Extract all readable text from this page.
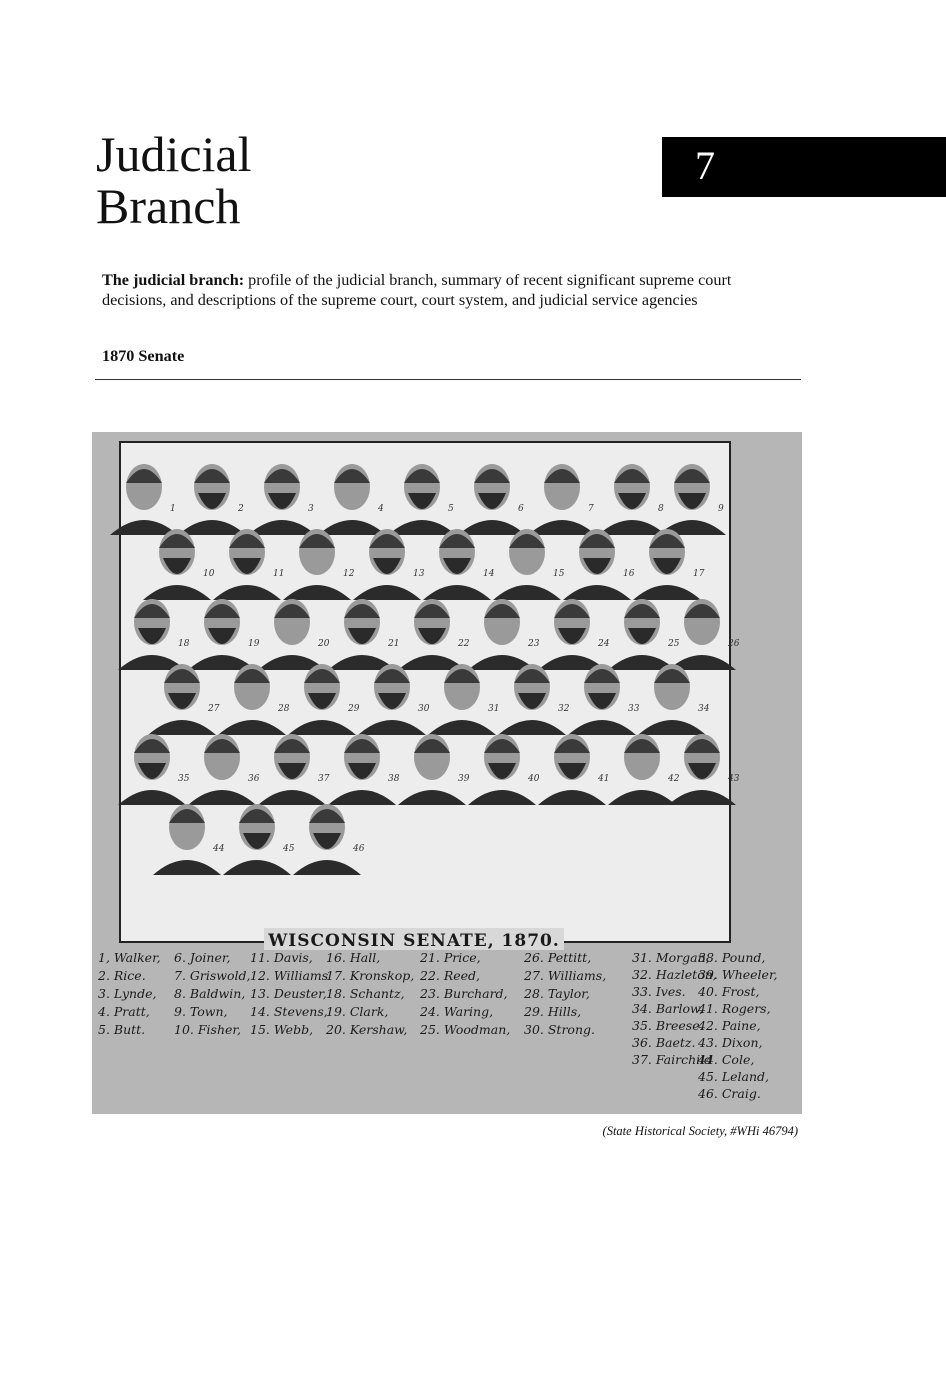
Judicial
Branch
7

The judicial branch: profile of the judicial branch, summary of recent significant supreme court decisions, and descriptions of the supreme court, court system, and judicial service agencies

1870 Senate
1	2	3	4	5	6	7	8	9
10	11	12	13	14	15	16	17
18	19	20	21	22	23	24	25	26
27	28	29	30	31	32	33	34
35	36	37	38	39	40	41	42	43
44	45	46
WISCONSIN SENATE, 1870.
1, Walker,
2. Rice.
3. Lynde,
4. Pratt,
5. Butt.
6. Joiner,
7. Griswold,
8. Baldwin,
9. Town,
10. Fisher,
11. Davis,
12. Williams
13. Deuster,
14. Stevens,
15. Webb,
16. Hall,
17. Kronskop,
18. Schantz,
19. Clark,
20. Kershaw,
21. Price,
22. Reed,
23. Burchard,
24. Waring,
25. Woodman,
26. Pettitt,
27. Williams,
28. Taylor,
29. Hills,
30. Strong.
31. Morgan,
32. Hazleton,
33. Ives.
34. Barlow,
35. Breese.
36. Baetz.
37. Fairchild
38. Pound,
39. Wheeler,
40. Frost,
41. Rogers,
42. Paine,
43. Dixon,
44. Cole,
45. Leland,
46. Craig.
(State Historical Society, #WHi 46794)
